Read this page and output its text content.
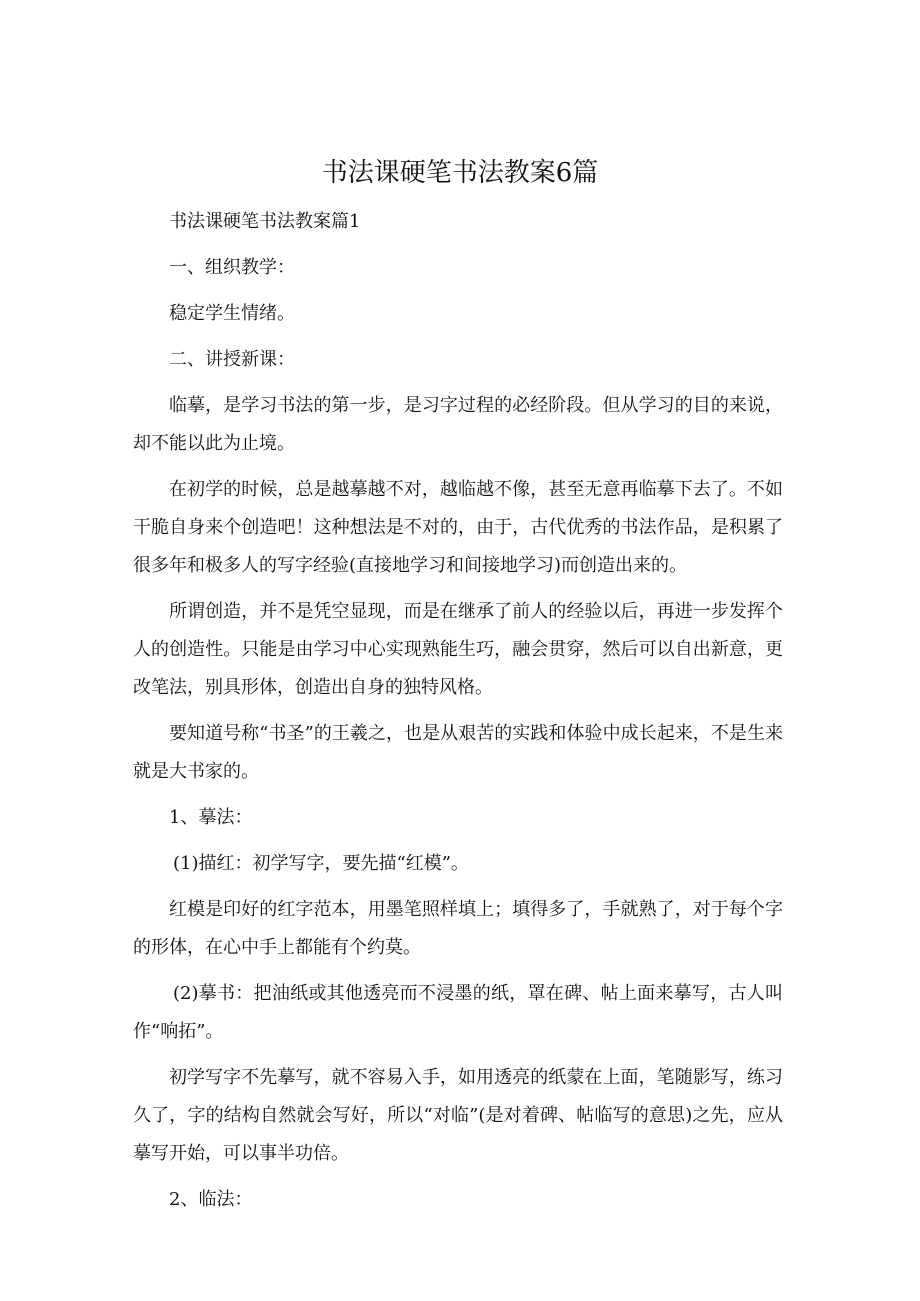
书法课硬笔书法教案6篇

书法课硬笔书法教案篇1

一、组织教学：

稳定学生情绪。

二、讲授新课：

临摹，是学习书法的第一步，是习字过程的必经阶段。但从学习的目的来说，却不能以此为止境。

在初学的时候，总是越摹越不对，越临越不像，甚至无意再临摹下去了。不如干脆自身来个创造吧！这种想法是不对的，由于，古代优秀的书法作品，是积累了很多年和极多人的写字经验(直接地学习和间接地学习)而创造出来的。

所谓创造，并不是凭空显现，而是在继承了前人的经验以后，再进一步发挥个人的创造性。只能是由学习中心实现熟能生巧，融会贯穿，然后可以自出新意，更改笔法，别具形体，创造出自身的独特风格。

要知道号称“书圣”的王羲之，也是从艰苦的实践和体验中成长起来，不是生来就是大书家的。

1、摹法：

(1)描红：初学写字，要先描“红模”。

红模是印好的红字范本，用墨笔照样填上；填得多了，手就熟了，对于每个字的形体，在心中手上都能有个约莫。

(2)摹书：把油纸或其他透亮而不浸墨的纸，罩在碑、帖上面来摹写，古人叫作“响拓”。

初学写字不先摹写，就不容易入手，如用透亮的纸蒙在上面，笔随影写，练习久了，字的结构自然就会写好，所以“对临”(是对着碑、帖临写的意思)之先，应从摹写开始，可以事半功倍。

2、临法：
